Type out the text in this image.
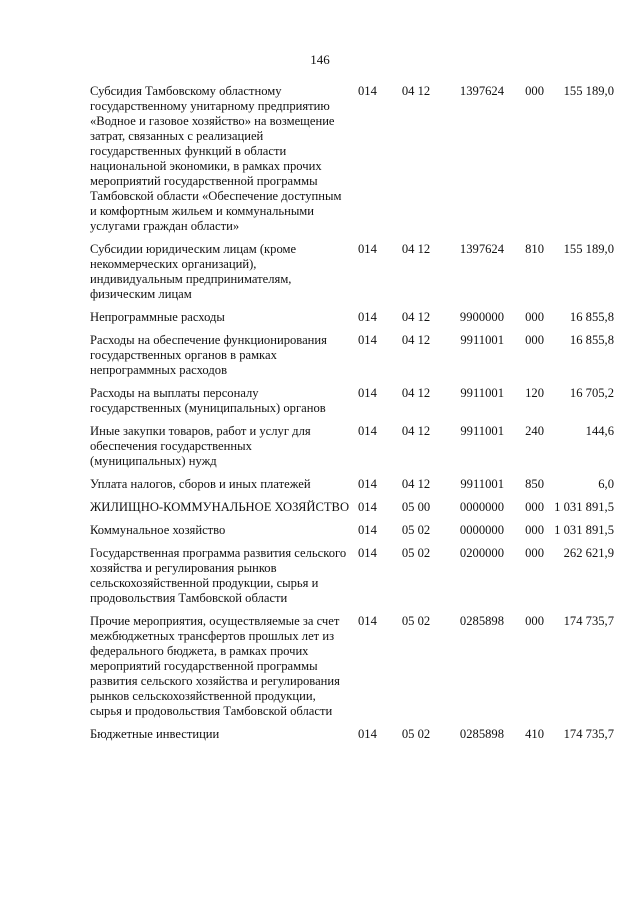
146
Субсидия Тамбовскому областному государственному унитарному предприятию «Водное и газовое хозяйство» на возмещение затрат, связанных с реализацией государственных функций в области национальной экономики, в рамках прочих мероприятий государственной программы Тамбовской области «Обеспечение доступным и комфортным жильем и коммунальными услугами граждан области»	014	04 12	1397624	000	155 189,0
Субсидии юридическим лицам (кроме некоммерческих организаций), индивидуальным предпринимателям, физическим лицам	014	04 12	1397624	810	155 189,0
Непрограммные расходы	014	04 12	9900000	000	16 855,8
Расходы на обеспечение функционирования государственных органов в рамках непрограммных расходов	014	04 12	9911001	000	16 855,8
Расходы на выплаты персоналу государственных (муниципальных) органов	014	04 12	9911001	120	16 705,2
Иные закупки товаров, работ и услуг для обеспечения государственных (муниципальных) нужд	014	04 12	9911001	240	144,6
Уплата налогов, сборов и иных платежей	014	04 12	9911001	850	6,0
ЖИЛИЩНО-КОММУНАЛЬНОЕ ХОЗЯЙСТВО	014	05 00	0000000	000	1 031 891,5
Коммунальное хозяйство	014	05 02	0000000	000	1 031 891,5
Государственная программа развития сельского хозяйства и регулирования рынков сельскохозяйственной продукции, сырья и продовольствия Тамбовской области	014	05 02	0200000	000	262 621,9
Прочие мероприятия, осуществляемые за счет межбюджетных трансфертов прошлых лет из федерального бюджета, в рамках прочих мероприятий государственной программы развития сельского хозяйства и регулирования рынков сельскохозяйственной продукции, сырья и продовольствия Тамбовской области	014	05 02	0285898	000	174 735,7
Бюджетные инвестиции	014	05 02	0285898	410	174 735,7
